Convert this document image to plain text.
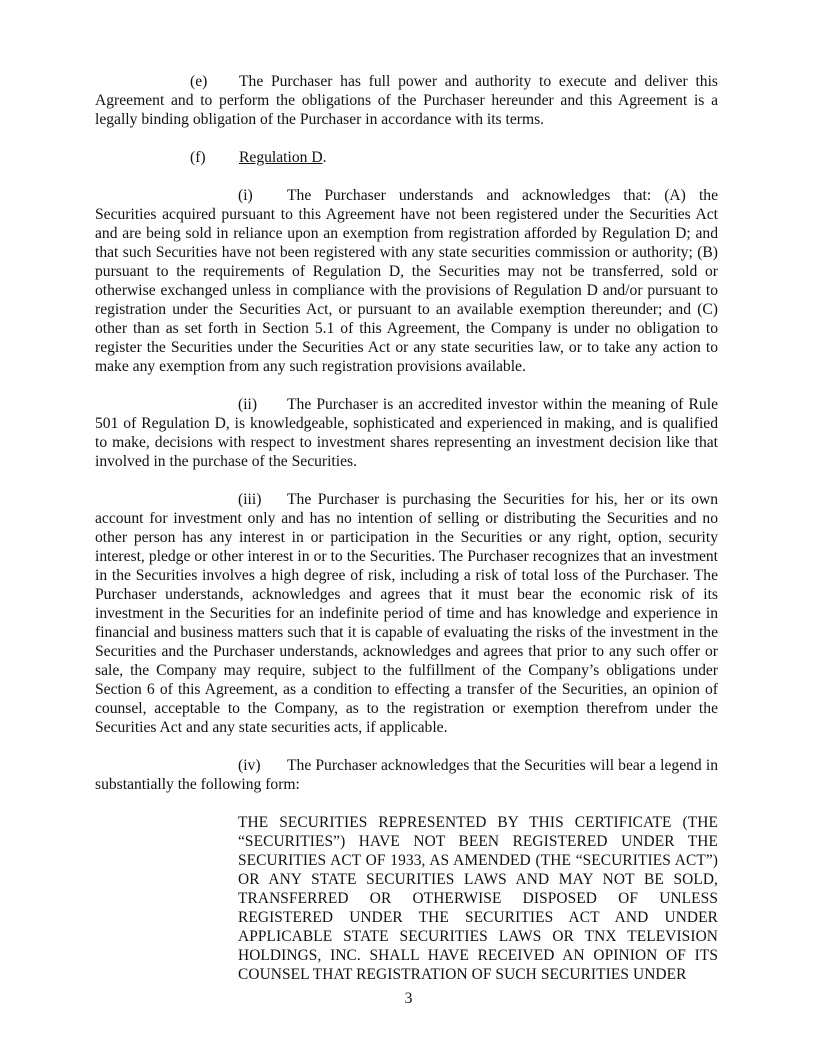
(e) The Purchaser has full power and authority to execute and deliver this Agreement and to perform the obligations of the Purchaser hereunder and this Agreement is a legally binding obligation of the Purchaser in accordance with its terms.

(f) Regulation D.

(i) The Purchaser understands and acknowledges that: (A) the Securities acquired pursuant to this Agreement have not been registered under the Securities Act and are being sold in reliance upon an exemption from registration afforded by Regulation D; and that such Securities have not been registered with any state securities commission or authority; (B) pursuant to the requirements of Regulation D, the Securities may not be transferred, sold or otherwise exchanged unless in compliance with the provisions of Regulation D and/or pursuant to registration under the Securities Act, or pursuant to an available exemption thereunder; and (C) other than as set forth in Section 5.1 of this Agreement, the Company is under no obligation to register the Securities under the Securities Act or any state securities law, or to take any action to make any exemption from any such registration provisions available.

(ii) The Purchaser is an accredited investor within the meaning of Rule 501 of Regulation D, is knowledgeable, sophisticated and experienced in making, and is qualified to make, decisions with respect to investment shares representing an investment decision like that involved in the purchase of the Securities.

(iii) The Purchaser is purchasing the Securities for his, her or its own account for investment only and has no intention of selling or distributing the Securities and no other person has any interest in or participation in the Securities or any right, option, security interest, pledge or other interest in or to the Securities. The Purchaser recognizes that an investment in the Securities involves a high degree of risk, including a risk of total loss of the Purchaser. The Purchaser understands, acknowledges and agrees that it must bear the economic risk of its investment in the Securities for an indefinite period of time and has knowledge and experience in financial and business matters such that it is capable of evaluating the risks of the investment in the Securities and the Purchaser understands, acknowledges and agrees that prior to any such offer or sale, the Company may require, subject to the fulfillment of the Company’s obligations under Section 6 of this Agreement, as a condition to effecting a transfer of the Securities, an opinion of counsel, acceptable to the Company, as to the registration or exemption therefrom under the Securities Act and any state securities acts, if applicable.

(iv) The Purchaser acknowledges that the Securities will bear a legend in substantially the following form:

THE SECURITIES REPRESENTED BY THIS CERTIFICATE (THE “SECURITIES”) HAVE NOT BEEN REGISTERED UNDER THE SECURITIES ACT OF 1933, AS AMENDED (THE “SECURITIES ACT”) OR ANY STATE SECURITIES LAWS AND MAY NOT BE SOLD, TRANSFERRED OR OTHERWISE DISPOSED OF UNLESS REGISTERED UNDER THE SECURITIES ACT AND UNDER APPLICABLE STATE SECURITIES LAWS OR TNX TELEVISION HOLDINGS, INC. SHALL HAVE RECEIVED AN OPINION OF ITS COUNSEL THAT REGISTRATION OF SUCH SECURITIES UNDER

3
